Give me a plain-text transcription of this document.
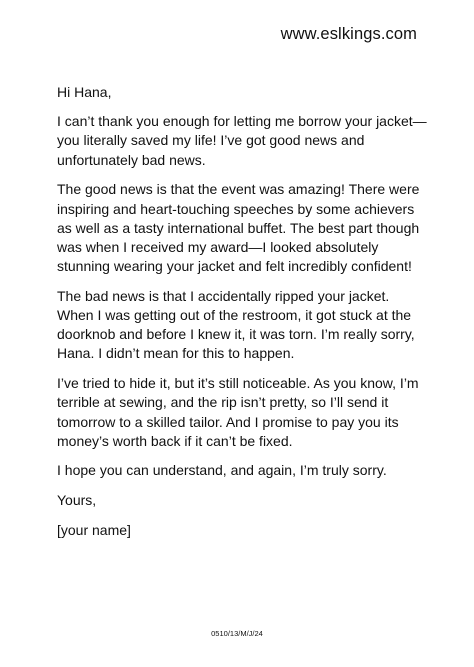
www.eslkings.com

Hi Hana,

I can’t thank you enough for letting me borrow your jacket—you literally saved my life! I’ve got good news and unfortunately bad news.

The good news is that the event was amazing! There were inspiring and heart-touching speeches by some achievers as well as a tasty international buffet. The best part though was when I received my award—I looked absolutely stunning wearing your jacket and felt incredibly confident!

The bad news is that I accidentally ripped your jacket. When I was getting out of the restroom, it got stuck at the doorknob and before I knew it, it was torn. I’m really sorry, Hana. I didn’t mean for this to happen.

I’ve tried to hide it, but it’s still noticeable. As you know, I’m terrible at sewing, and the rip isn’t pretty, so I’ll send it tomorrow to a skilled tailor. And I promise to pay you its money’s worth back if it can’t be fixed.

I hope you can understand, and again, I’m truly sorry.

Yours,

[your name]

0510/13/M/J/24
